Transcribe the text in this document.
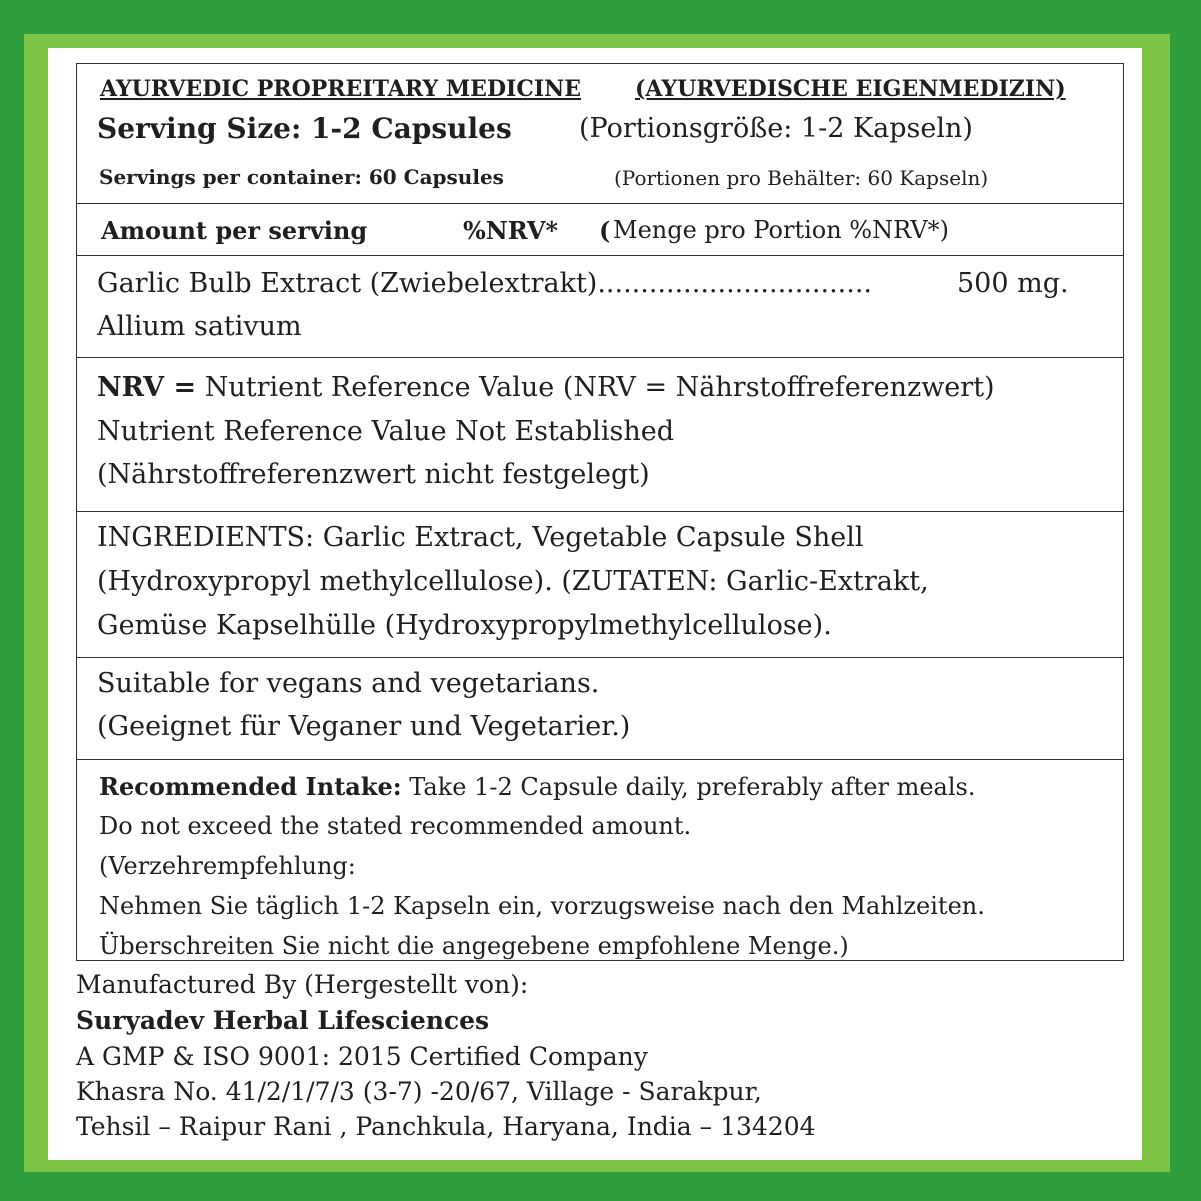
AYURVEDIC PROPREITARY MEDICINE (AYURVEDISCHE EIGENMEDIZIN)
Serving Size: 1-2 Capsules (Portionsgröße: 1-2 Kapseln)
Servings per container: 60 Capsules	(Portionen pro Behälter: 60 Kapseln)
Amount per serving	%NRV* ( Menge pro Portion %NRV*)
Garlic Bulb Extract (Zwiebelextrakt)................................	500 mg.
Allium sativum
NRV = Nutrient Reference Value (NRV = Nährstoffreferenzwert)
Nutrient Reference Value Not Established
(Nährstoffreferenzwert nicht festgelegt)
INGREDIENTS: Garlic Extract, Vegetable Capsule Shell
(Hydroxypropyl methylcellulose). (ZUTATEN: Garlic-Extrakt,
Gemüse Kapselhülle (Hydroxypropylmethylcellulose).
Suitable for vegans and vegetarians.
(Geeignet für Veganer und Vegetarier.)
Recommended Intake: Take 1-2 Capsule daily, preferably after meals.
Do not exceed the stated recommended amount.
(Verzehrempfehlung:
Nehmen Sie täglich 1-2 Kapseln ein, vorzugsweise nach den Mahlzeiten.
Überschreiten Sie nicht die angegebene empfohlene Menge.)
Manufactured By (Hergestellt von):
Suryadev Herbal Lifesciences
A GMP & ISO 9001: 2015 Certified Company
Khasra No. 41/2/1/7/3 (3-7) -20/67, Village - Sarakpur,
Tehsil – Raipur Rani , Panchkula, Haryana, India – 134204
